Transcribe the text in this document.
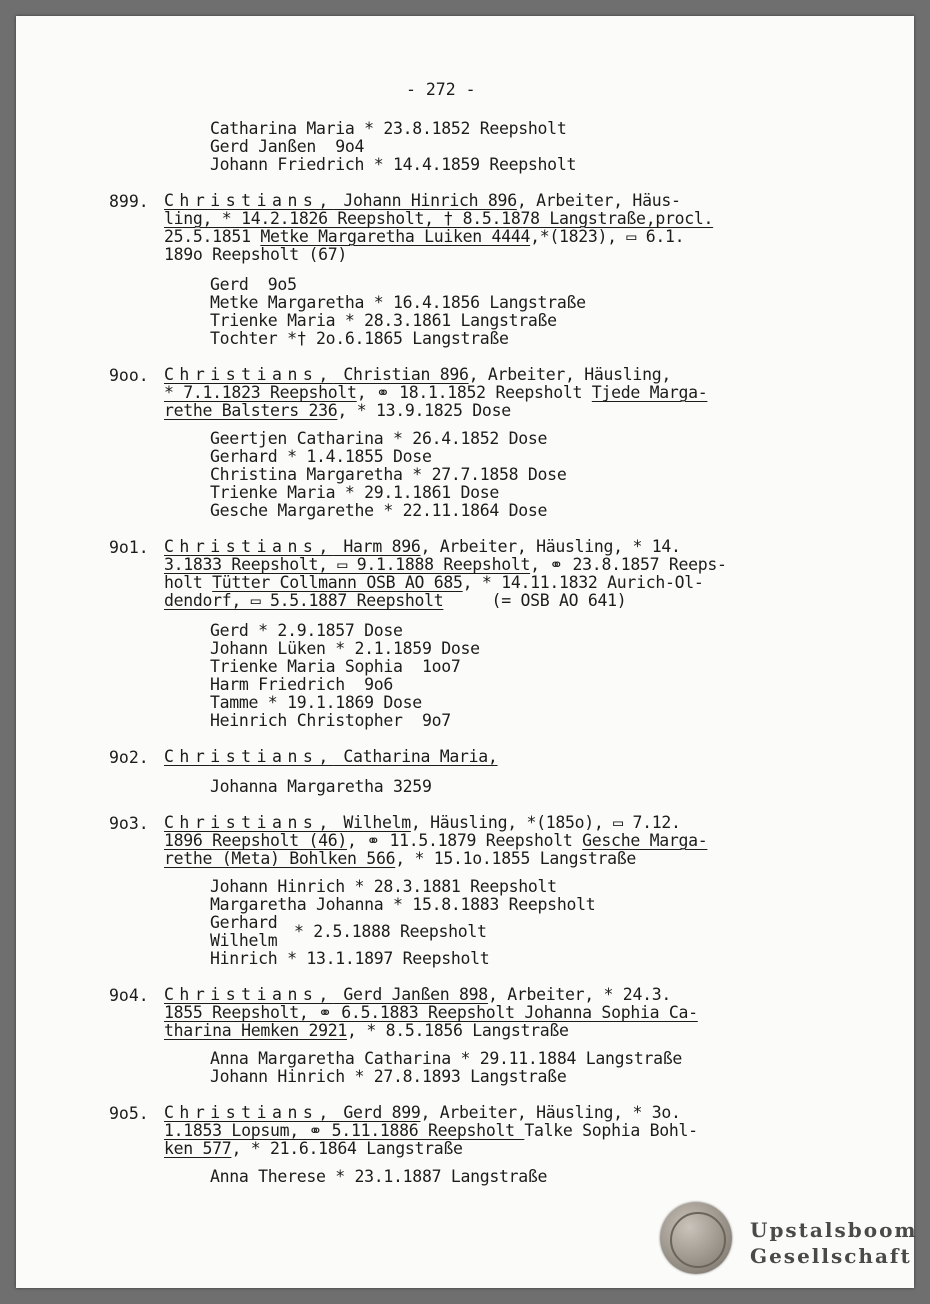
- 272 -
Catharina Maria * 23.8.1852 Reepsholt
Gerd Janßen  9o4
Johann Friedrich * 14.4.1859 Reepsholt
899. Christians, Johann Hinrich 896, Arbeiter, Häus-
ling, * 14.2.1826 Reepsholt, † 8.5.1878 Langstraße,procl.
25.5.1851 Metke Margaretha Luiken 4444,*(1823), ▭ 6.1.
189o Reepsholt (67)
Gerd  9o5
Metke Margaretha * 16.4.1856 Langstraße
Trienke Maria * 28.3.1861 Langstraße
Tochter *† 2o.6.1865 Langstraße
9oo. Christians, Christian 896, Arbeiter, Häusling,
* 7.1.1823 Reepsholt, ⚭ 18.1.1852 Reepsholt Tjede Marga-
rethe Balsters 236, * 13.9.1825 Dose
Geertjen Catharina * 26.4.1852 Dose
Gerhard * 1.4.1855 Dose
Christina Margaretha * 27.7.1858 Dose
Trienke Maria * 29.1.1861 Dose
Gesche Margarethe * 22.11.1864 Dose
9o1. Christians, Harm 896, Arbeiter, Häusling, * 14.
3.1833 Reepsholt, ▭ 9.1.1888 Reepsholt, ⚭ 23.8.1857 Reeps-
holt Tütter Collmann OSB AO 685, * 14.11.1832 Aurich-Ol-
dendorf, ▭ 5.5.1887 Reepsholt     (= OSB AO 641)
Gerd * 2.9.1857 Dose
Johann Lüken * 2.1.1859 Dose
Trienke Maria Sophia  1oo7
Harm Friedrich  9o6
Tamme * 19.1.1869 Dose
Heinrich Christopher  9o7
9o2. Christians, Catharina Maria,
Johanna Margaretha 3259
9o3. Christians, Wilhelm, Häusling, *(185o), ▭ 7.12.
1896 Reepsholt (46), ⚭ 11.5.1879 Reepsholt Gesche Marga-
rethe (Meta) Bohlken 566, * 15.1o.1855 Langstraße
Johann Hinrich * 28.3.1881 Reepsholt
Margaretha Johanna * 15.8.1883 Reepsholt
Gerhard
Wilhelm * 2.5.1888 Reepsholt
Hinrich * 13.1.1897 Reepsholt
9o4. Christians, Gerd Janßen 898, Arbeiter, * 24.3.
1855 Reepsholt, ⚭ 6.5.1883 Reepsholt Johanna Sophia Ca-
tharina Hemken 2921, * 8.5.1856 Langstraße
Anna Margaretha Catharina * 29.11.1884 Langstraße
Johann Hinrich * 27.8.1893 Langstraße
9o5. Christians, Gerd 899, Arbeiter, Häusling, * 3o.
1.1853 Lopsum, ⚭ 5.11.1886 Reepsholt Talke Sophia Bohl-
ken 577, * 21.6.1864 Langstraße
Anna Therese * 23.1.1887 Langstraße
Upstalsboom
Gesellschaft
